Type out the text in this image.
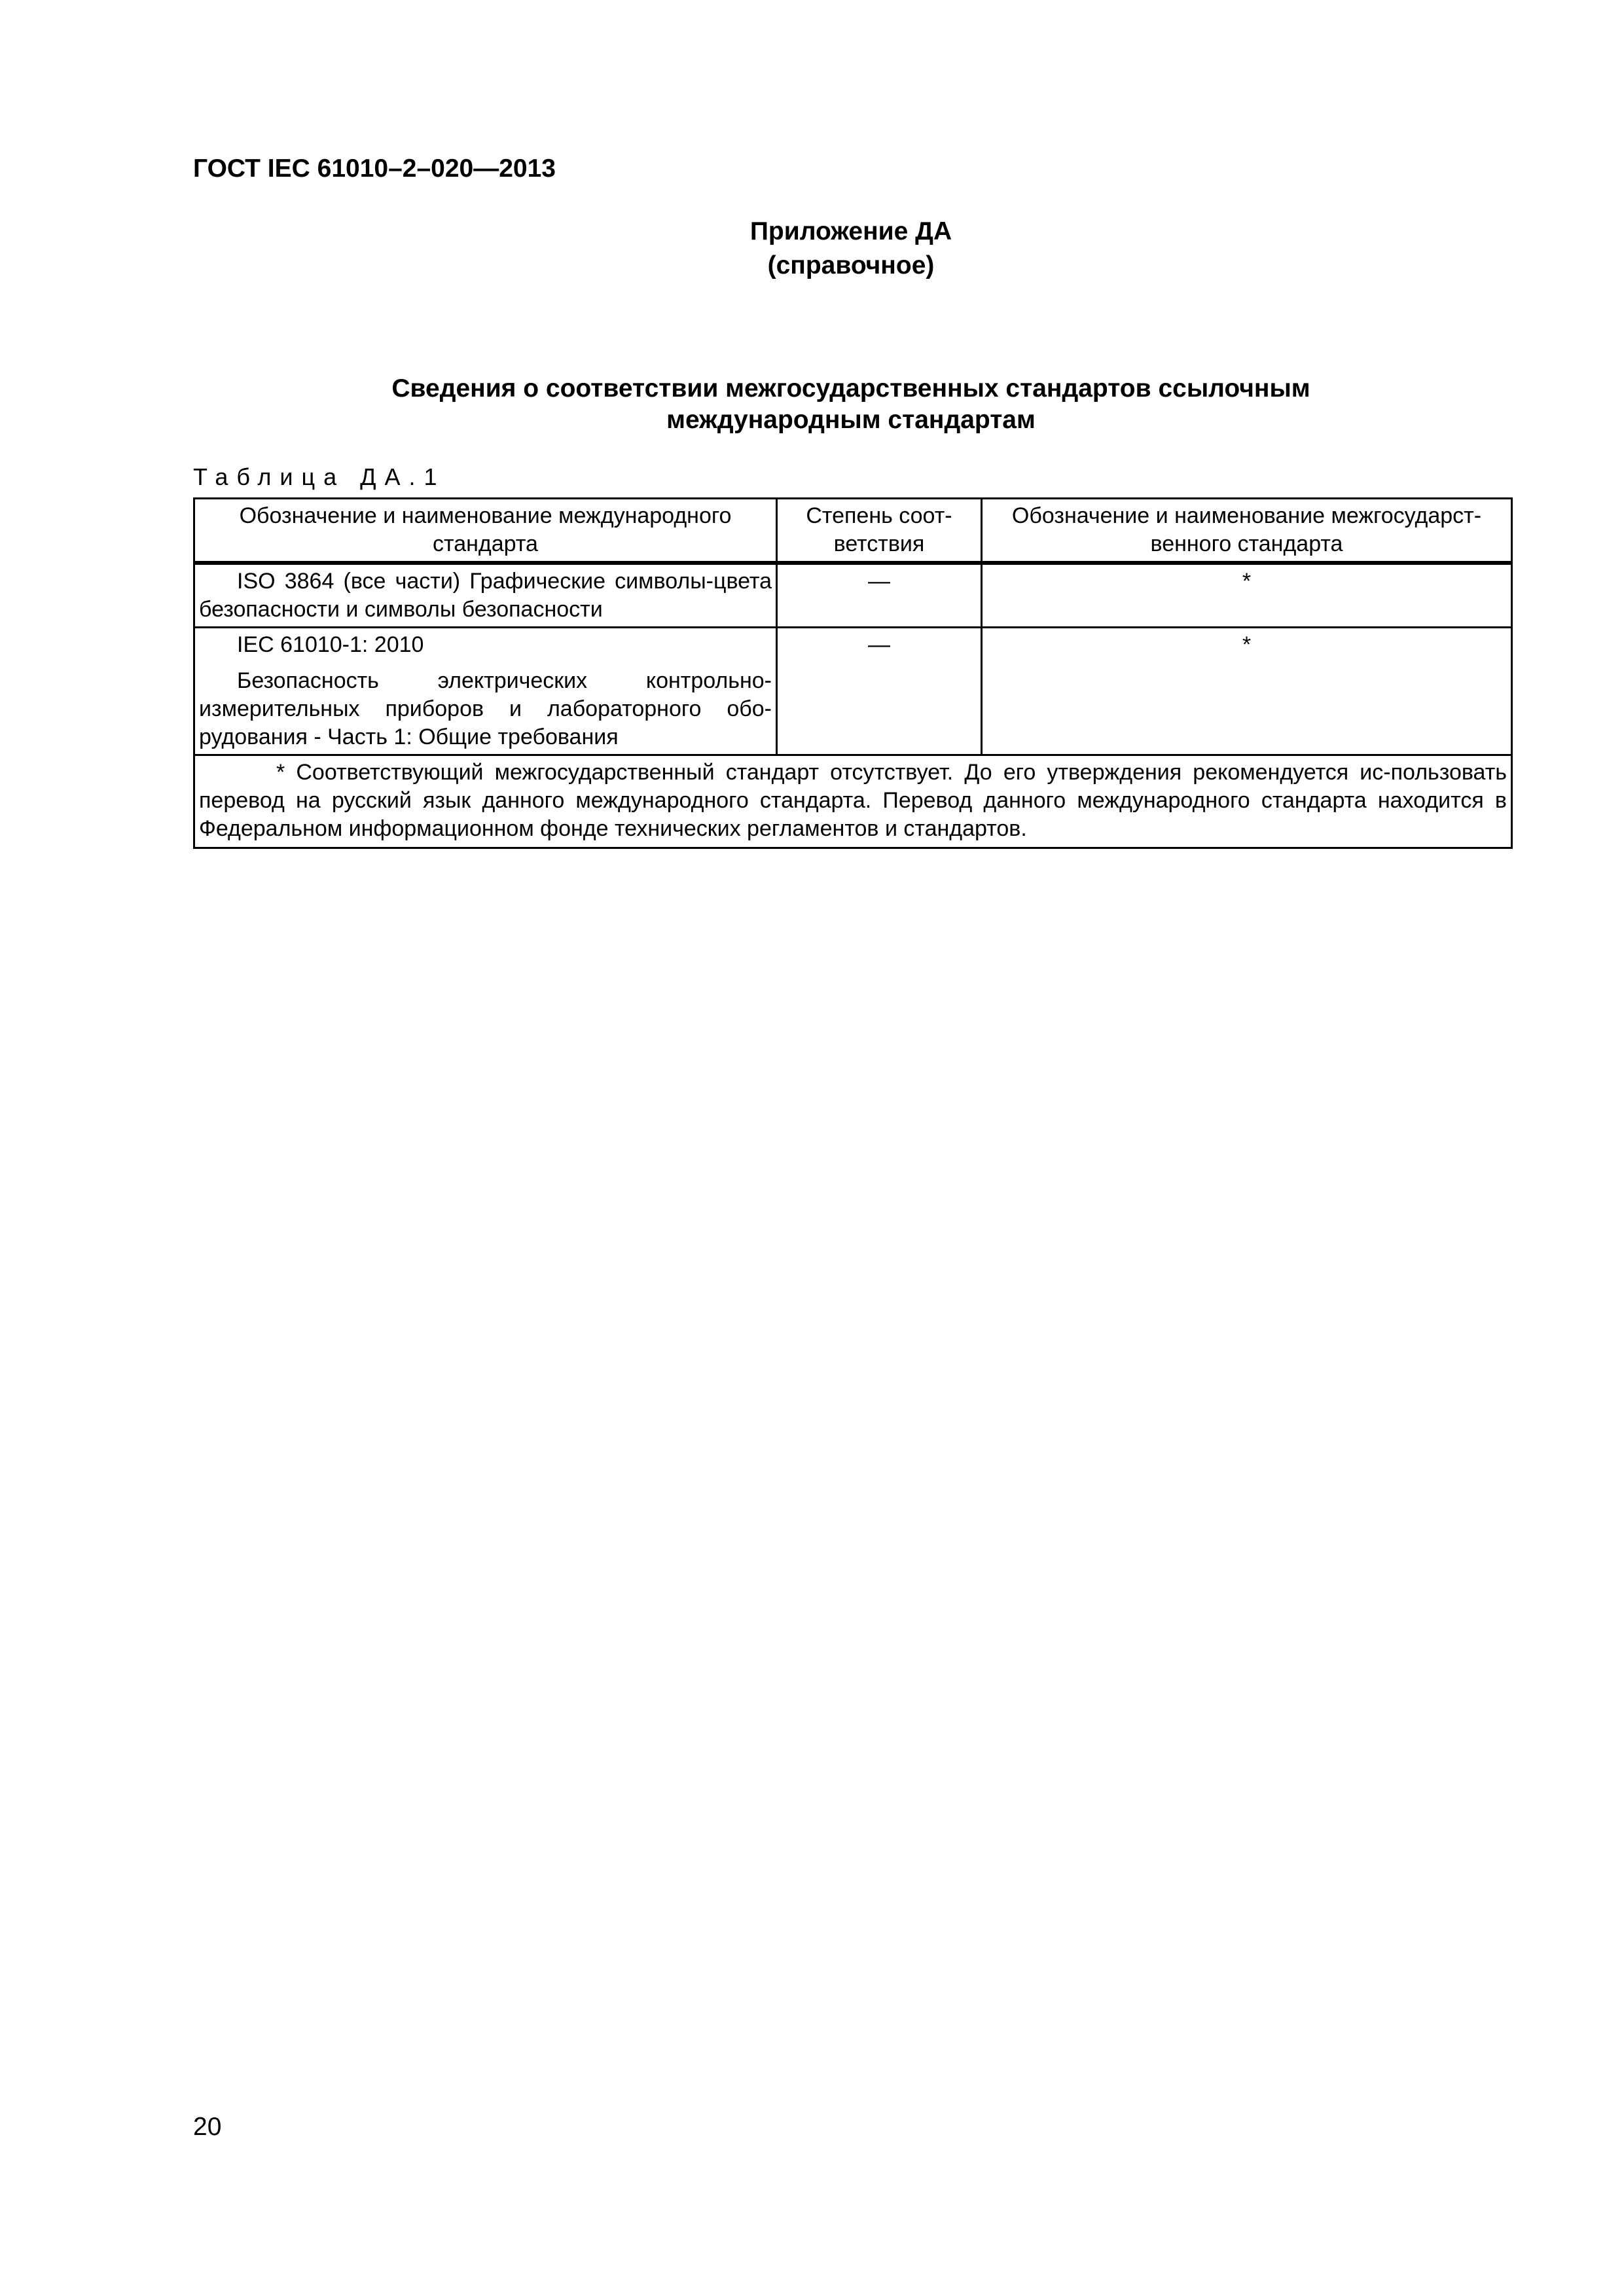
ГОСТ IEC 61010–2–020—2013
Приложение ДА
(справочное)
Сведения о соответствии межгосударственных стандартов ссылочным
международным стандартам
Таблица ДА.1
Обозначение и наименование международного стандарта	Степень соот-ветствия	Обозначение и наименование межгосударст-венного стандарта

ISO 3864 (все части) Графические символы-цвета безопасности и символы безопасности	—	*

IEC 61010-1: 2010

Безопасность электрических контрольно-измерительных приборов и лабораторного обо-рудования - Часть 1: Общие требования	—	*
* Соответствующий межгосударственный стандарт отсутствует. До его утверждения рекомендуется ис-пользовать перевод на русский язык данного международного стандарта. Перевод данного международного стандарта находится в Федеральном информационном фонде технических регламентов и стандартов.		
20
